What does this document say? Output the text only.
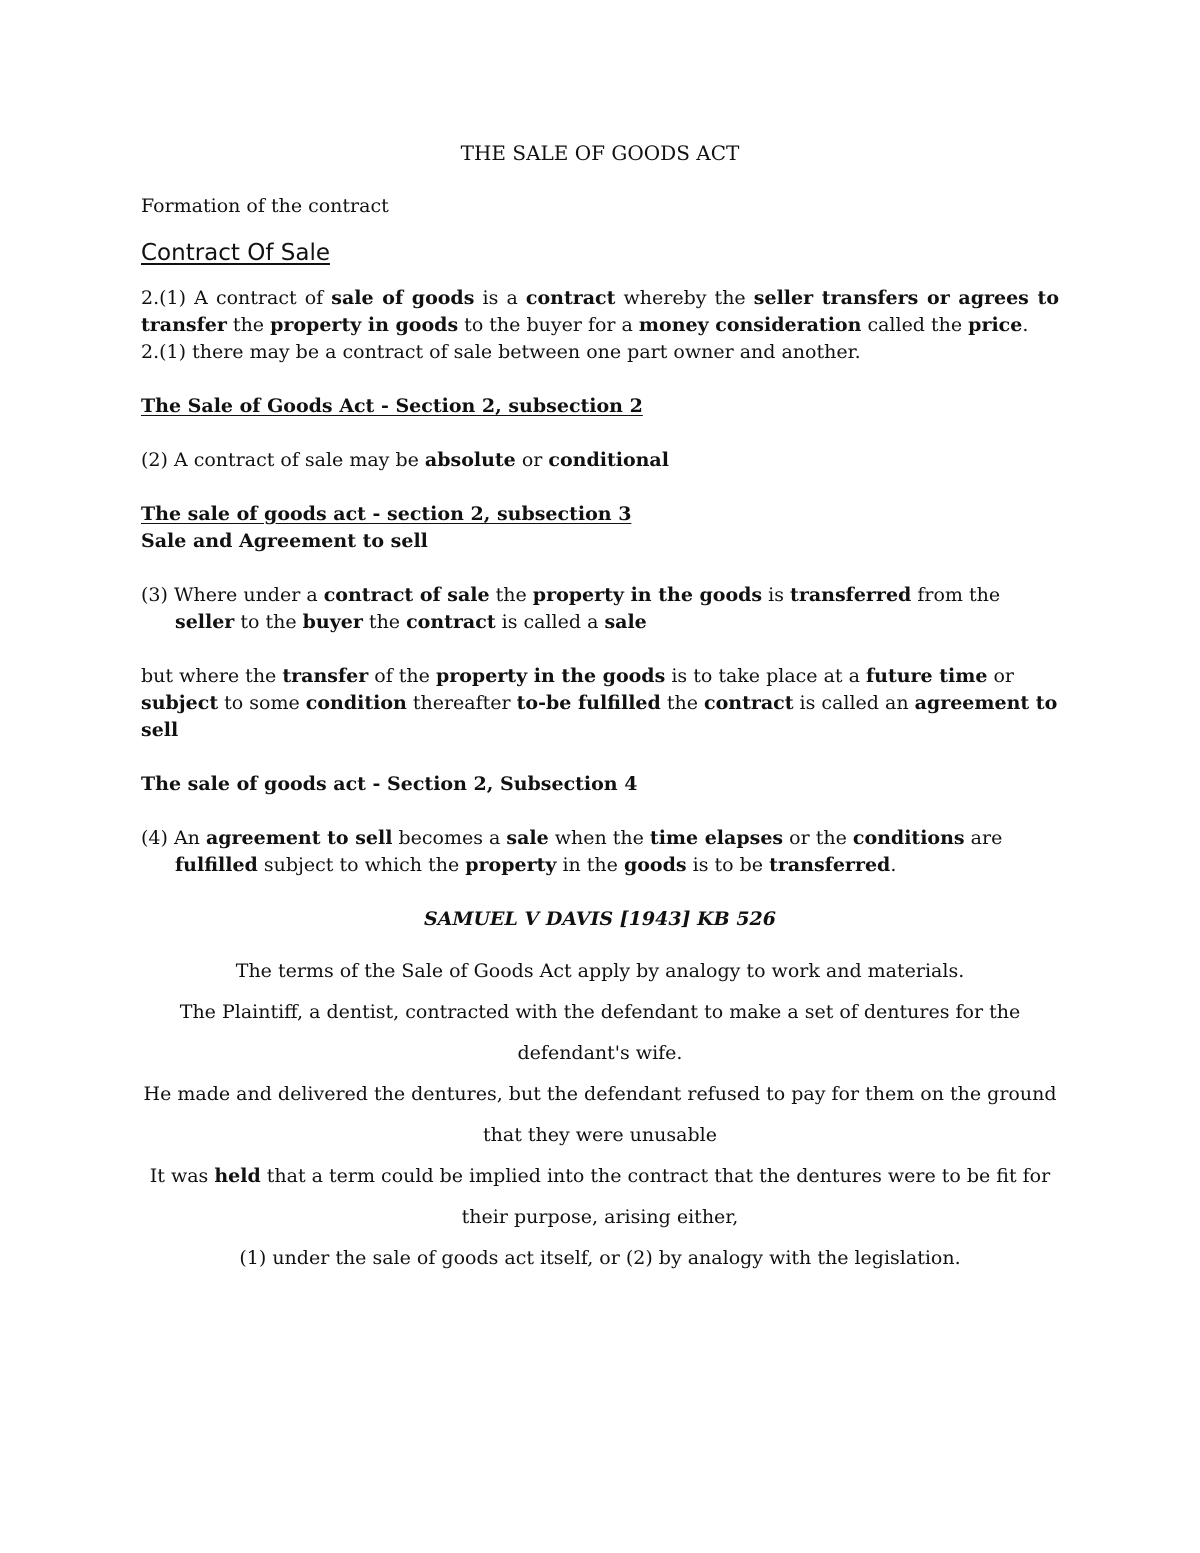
THE SALE OF GOODS ACT

Formation of the contract

Contract Of Sale

2.(1) A contract of sale of goods is a contract whereby the seller transfers or agrees to transfer the property in goods to the buyer for a money consideration called the price.

2.(1) there may be a contract of sale between one part owner and another.

The Sale of Goods Act - Section 2, subsection 2

(2) A contract of sale may be absolute or conditional

The sale of goods act - section 2, subsection 3

Sale and Agreement to sell

(3) Where under a contract of sale the property in the goods is transferred from the seller to the buyer the contract is called a sale

but where the transfer of the property in the goods is to take place at a future time or subject to some condition thereafter to-be fulfilled the contract is called an agreement to sell

The sale of goods act - Section 2, Subsection 4

(4) An agreement to sell becomes a sale when the time elapses or the conditions are fulfilled subject to which the property in the goods is to be transferred.

SAMUEL V DAVIS [1943] KB 526

The terms of the Sale of Goods Act apply by analogy to work and materials.

The Plaintiff, a dentist, contracted with the defendant to make a set of dentures for the defendant's wife.

He made and delivered the dentures, but the defendant refused to pay for them on the ground that they were unusable

It was held that a term could be implied into the contract that the dentures were to be fit for their purpose, arising either,

(1) under the sale of goods act itself, or (2) by analogy with the legislation.
